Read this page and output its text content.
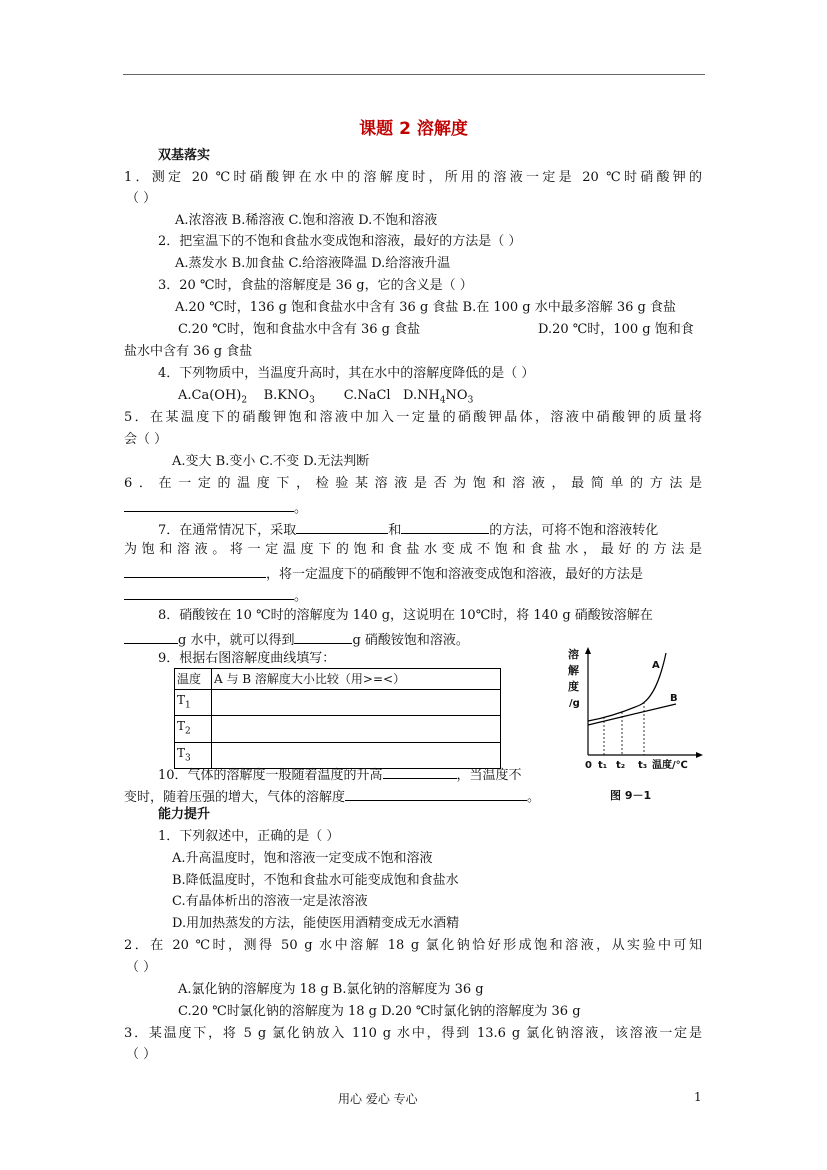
课题 2 溶解度
双基落实
1．测定 20 ℃时硝酸钾在水中的溶解度时，所用的溶液一定是 20 ℃时硝酸钾的
（ ）
A.浓溶液 B.稀溶液 C.饱和溶液 D.不饱和溶液
2．把室温下的不饱和食盐水变成饱和溶液，最好的方法是（ ）
A.蒸发水 B.加食盐 C.给溶液降温 D.给溶液升温
3．20 ℃时，食盐的溶解度是 36 g，它的含义是（ ）
A.20 ℃时，136 g 饱和食盐水中含有 36 g 食盐 B.在 100 g 水中最多溶解 36 g 食盐
C.20 ℃时，饱和食盐水中含有 36 g 食盐	D.20 ℃时，100 g 饱和食
盐水中含有 36 g 食盐
4．下列物质中，当温度升高时，其在水中的溶解度降低的是（ ）
$A.Ca(OH)_2$ $B.KNO_3$ C.NaCl $D.NH_4NO_3$
5．在某温度下的硝酸钾饱和溶液中加入一定量的硝酸钾晶体，溶液中硝酸钾的质量将
会（ ）
A.变大 B.变小 C.不变 D.无法判断
6．在一定的温度下，检验某溶液是否为饱和溶液，最简单的方法是
。
7．在通常情况下，采取	和	的方法，可将不饱和溶液转化
为饱和溶液。将一定温度下的饱和食盐水变成不饱和食盐水，最好的方法是
，将一定温度下的硝酸钾不饱和溶液变成饱和溶液，最好的方法是
。
8．硝酸铵在 10 ℃时的溶解度为 140 g，这说明在 10℃时，将 140 g 硝酸铵溶解在
g 水中，就可以得到	g 硝酸铵饱和溶液。
9．根据右图溶解度曲线填写：
温度	A 与 B 溶解度大小比较（用>=<）
$T_1$	
$T_2$	
$T_3$	
溶
解
度
/g
A
B
0 t₁ t₂ t₃ 温度/℃
图 9－1
10．气体的溶解度一般随着温度的升高	，当温度不
变时，随着压强的增大，气体的溶解度	。
能力提升
1．下列叙述中，正确的是（ ）
A.升高温度时，饱和溶液一定变成不饱和溶液
B.降低温度时，不饱和食盐水可能变成饱和食盐水
C.有晶体析出的溶液一定是浓溶液
D.用加热蒸发的方法，能使医用酒精变成无水酒精
2．在 20 ℃时，测得 50 g 水中溶解 18 g 氯化钠恰好形成饱和溶液，从实验中可知
（ ）
A.氯化钠的溶解度为 18 g B.氯化钠的溶解度为 36 g
C.20 ℃时氯化钠的溶解度为 18 g D.20 ℃时氯化钠的溶解度为 36 g
3．某温度下，将 5 g 氯化钠放入 110 g 水中，得到 13.6 g 氯化钠溶液，该溶液一定是
（ ）
用心 爱心 专心	1
